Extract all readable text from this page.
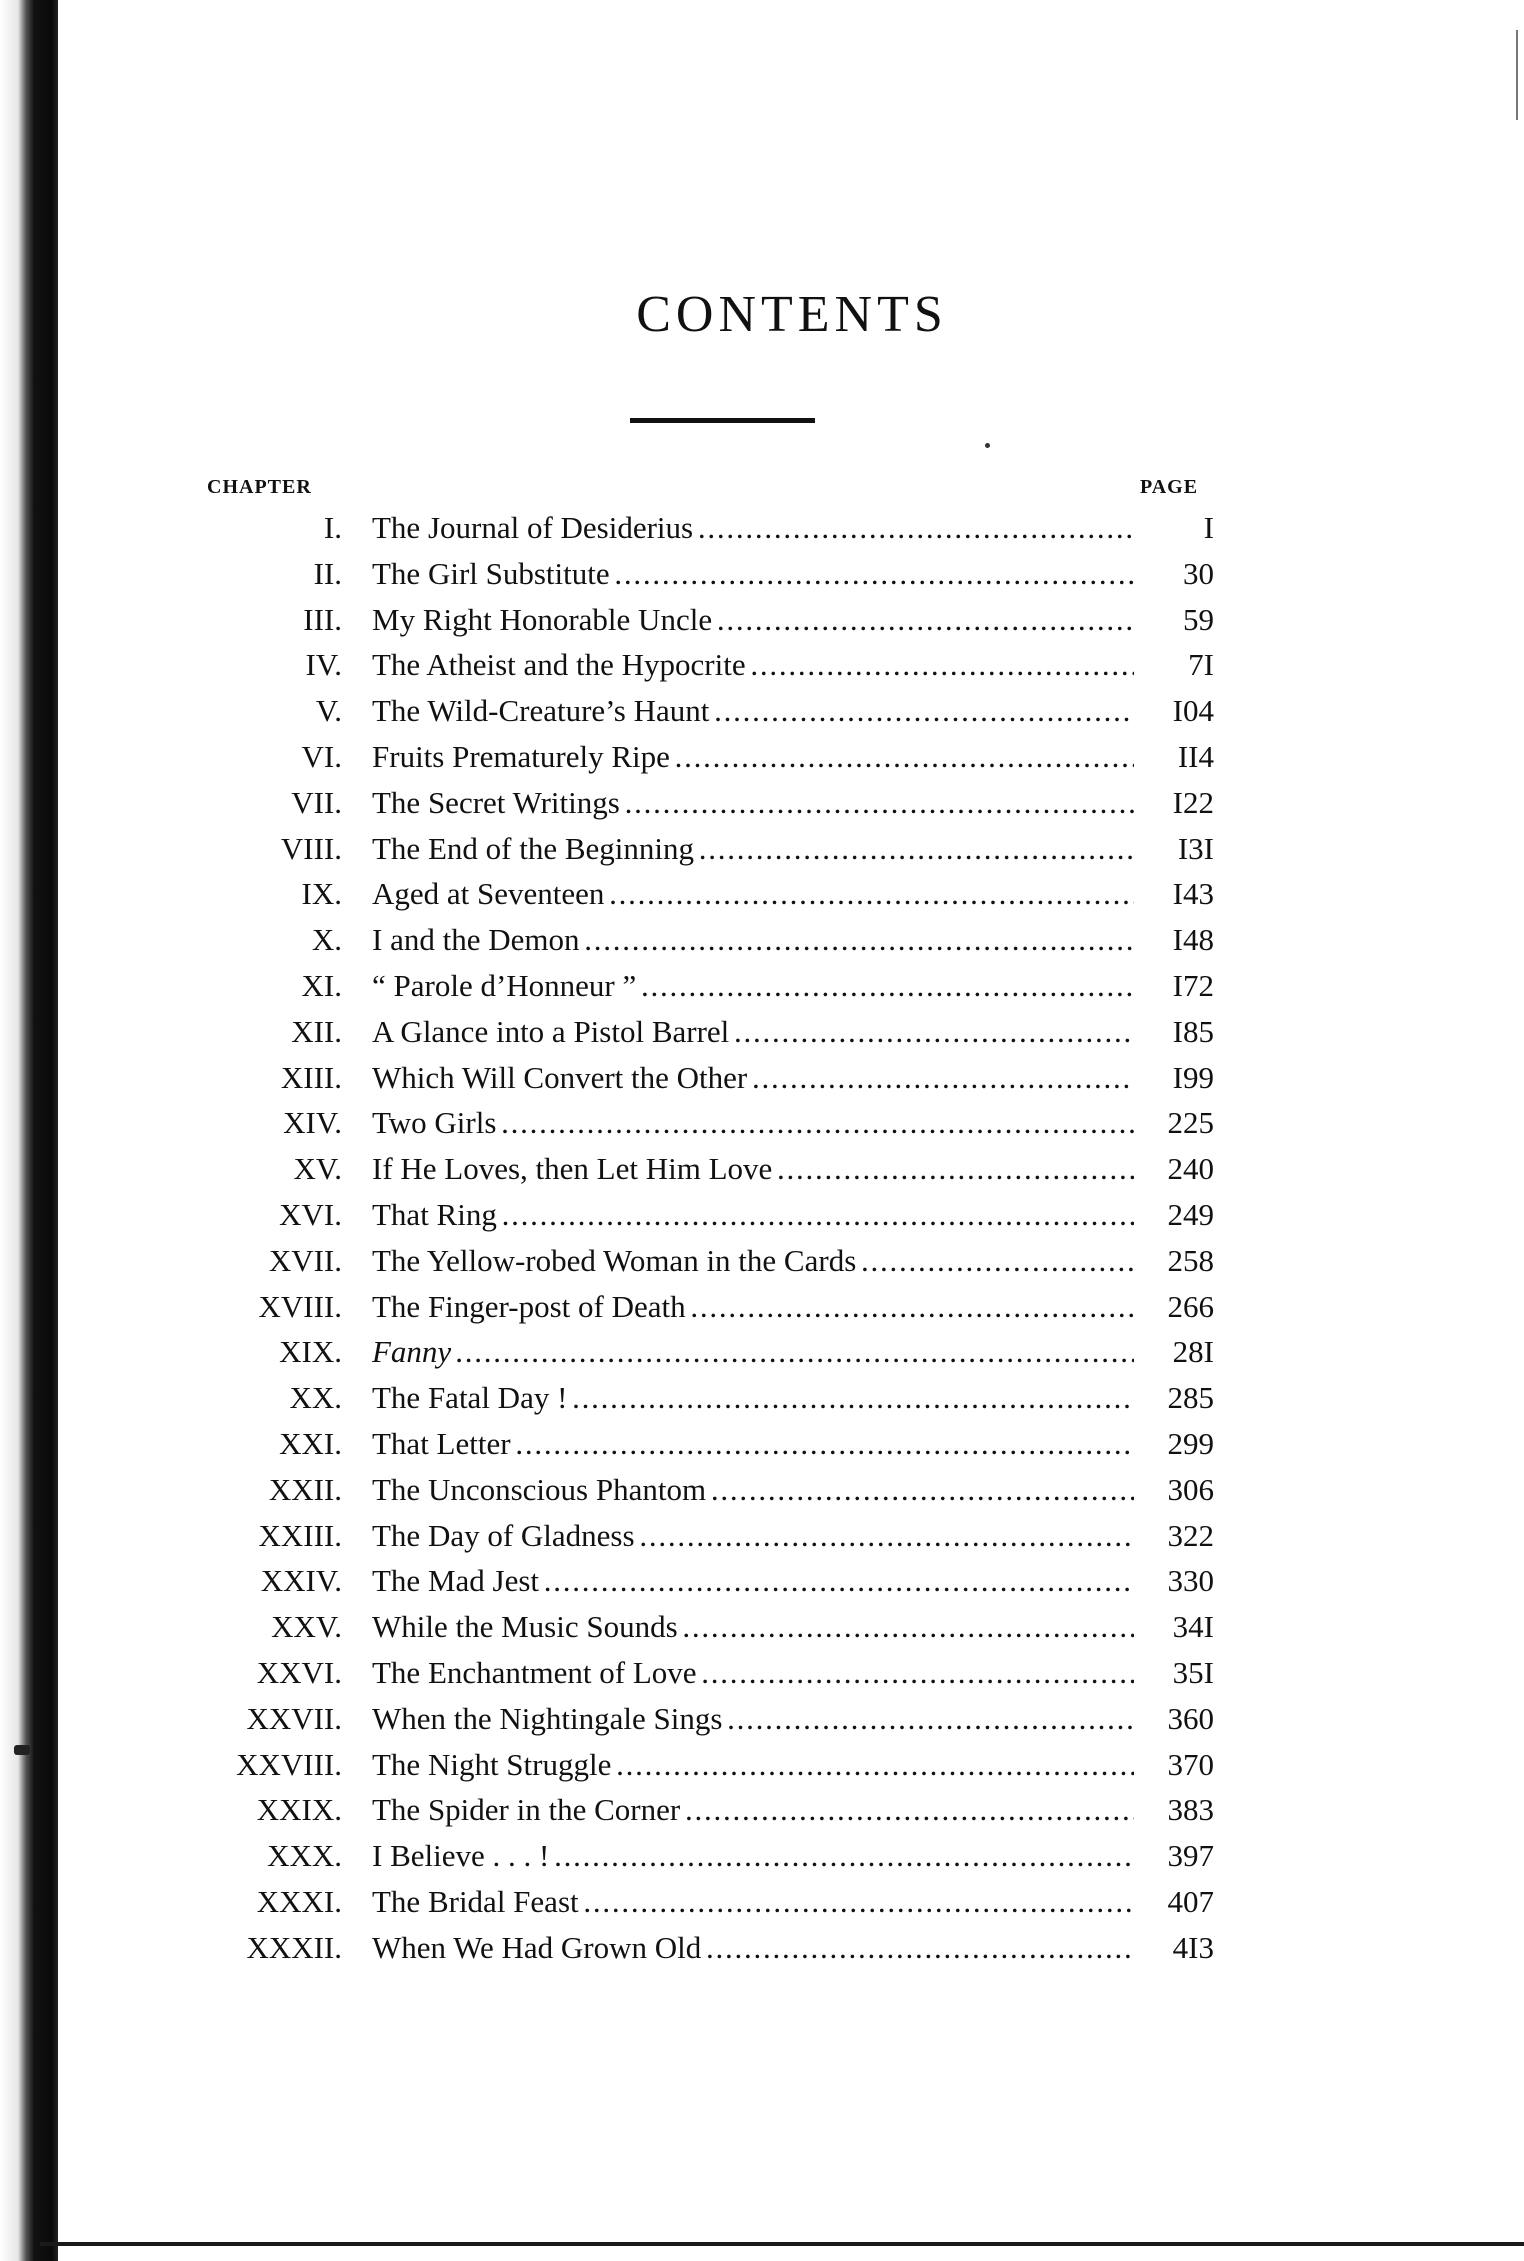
CONTENTS
CHAPTER	PAGE
I. The Journal of Desiderius . . .	I
II. The Girl Substitute . . .	30
III. My Right Honorable Uncle . . .	59
IV. The Atheist and the Hypocrite . . .	7I
V. The Wild-Creature’s Haunt . . .	I04
VI. Fruits Prematurely Ripe . . .	II4
VII. The Secret Writings . . .	I22
VIII. The End of the Beginning . . .	I3I
IX. Aged at Seventeen . . .	I43
X. I and the Demon . . .	I48
XI. “ Parole d’Honneur ” . . .	I72
XII. A Glance into a Pistol Barrel . . .	I85
XIII. Which Will Convert the Other . . .	I99
XIV. Two Girls . . .	225
XV. If He Loves, then Let Him Love . . .	240
XVI. That Ring . . .	249
XVII. The Yellow-robed Woman in the Cards . . .	258
XVIII. The Finger-post of Death . . .	266
XIX. Fanny . . .	28I
XX. The Fatal Day ! . . .	285
XXI. That Letter . . .	299
XXII. The Unconscious Phantom . . .	306
XXIII. The Day of Gladness . . .	322
XXIV. The Mad Jest . . .	330
XXV. While the Music Sounds . . .	34I
XXVI. The Enchantment of Love . . .	35I
XXVII. When the Nightingale Sings . . .	360
XXVIII. The Night Struggle . . .	370
XXIX. The Spider in the Corner . . .	383
XXX. I Believe . . . ! . . .	397
XXXI. The Bridal Feast . . .	407
XXXII. When We Had Grown Old . . .	4I3
